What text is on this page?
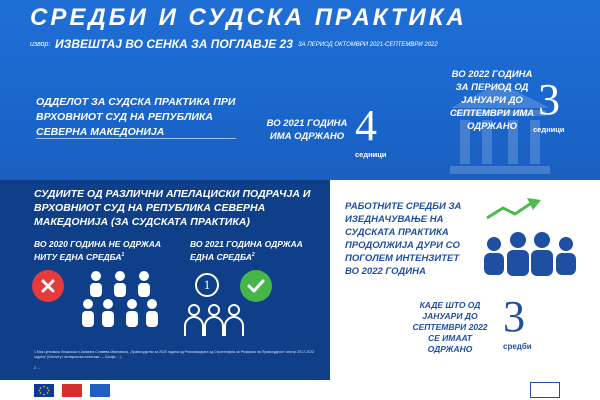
СРЕДБИ И СУДСКА ПРАКТИКА
извор: ИЗВЕШТАЈ ВО СЕНКА ЗА ПОГЛАВЈЕ 23 ЗА ПЕРИОД ОКТОМВРИ 2021-СЕПТЕМВРИ 2022
ОДДЕЛОТ ЗА СУДСКА ПРАКТИКА ПРИ ВРХОВНИОТ СУД НА РЕПУБЛИКА СЕВЕРНА МАКЕДОНИЈА
ВО 2021 ГОДИНА ИМА ОДРЖАНО 4
седници
ВО 2022 ГОДИНА ЗА ПЕРИОД ОД ЈАНУАРИ ДО СЕПТЕМВРИ ИМА ОДРЖАНО
3
седници
СУДИИТЕ ОД РАЗЛИЧНИ АПЕЛАЦИСКИ ПОДРАЧЈА И ВРХОВНИОТ СУД НА РЕПУБЛИКА СЕВЕРНА МАКЕДОНИЈА (ЗА СУДСКАТА ПРАКТИКА)
ВО 2020 ГОДИНА НЕ ОДРЖАА НИТУ ЕДНА СРЕДБА$^1$
ВО 2021 ГОДИНА ОДРЖАА ЕДНА СРЕДБА$^2$
1
1 Мак Ценовска Лешкоска и Јасмина Славева-Ивановска, „Правосудство за 2020 година од Реализацијата од Стратегијата за Реформа на Правосудниот сектор 2017-2022 година“ (Институт за европска политика — Скопје, ...)
2 ...
РАБОТНИТЕ СРЕДБИ ЗА ИЗЕДНАЧУВАЊЕ НА СУДСКАТА ПРАКТИКА ПРОДОЛЖИЈА ДУРИ СО ПОГОЛЕМ ИНТЕНЗИТЕТ ВО 2022 ГОДИНА
КАДЕ ШТО ОД ЈАНУАРИ ДО СЕПТЕМВРИ 2022 СЕ ИМААТ ОДРЖАНО
3
средби
